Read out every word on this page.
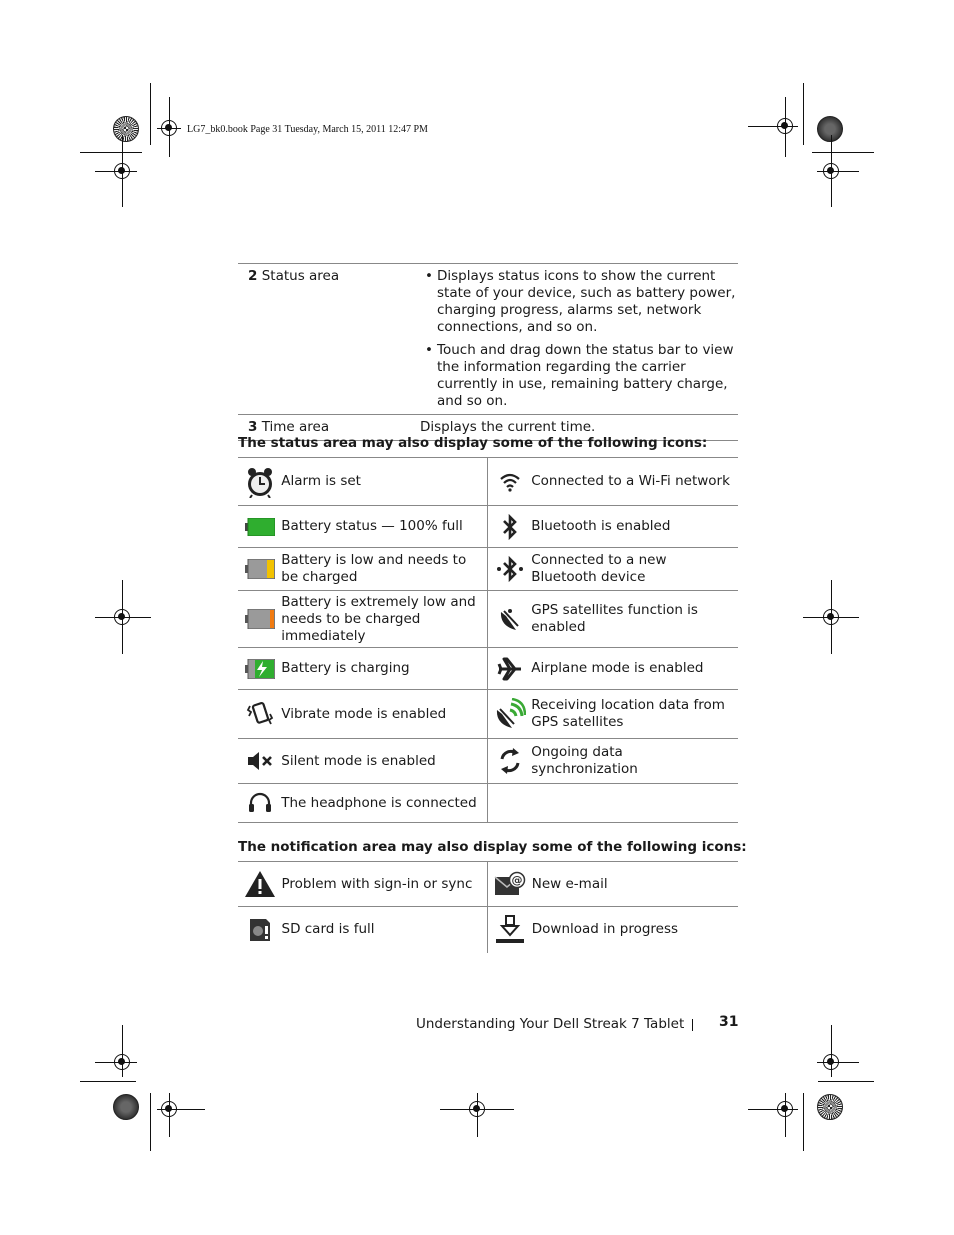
LG7_bk0.book Page 31 Tuesday, March 15, 2011 12:47 PM
2 Status area	• Displays status icons to show the current state of your device, such as battery power, charging progress, alarms set, network connections, and so on.
• Touch and drag down the status bar to view the information regarding the carrier currently in use, remaining battery charge, and so on.

3 Time area	Displays the current time.
The status area may also display some of the following icons:
	Alarm is set		Connected to a Wi-Fi network
	Battery status — 100% full		Bluetooth is enabled
	Battery is low and needs to be charged		Connected to a new Bluetooth device
	Battery is extremely low and needs to be charged immediately		GPS satellites function is enabled
	Battery is charging		Airplane mode is enabled
	Vibrate mode is enabled		Receiving location data from GPS satellites
	Silent mode is enabled		Ongoing data synchronization
	The headphone is connected		
The notification area may also display some of the following icons:
	Problem with sign-in or sync	@	New e-mail
	SD card is full		Download in progress
Understanding Your Dell Streak 7 Tablet 31
